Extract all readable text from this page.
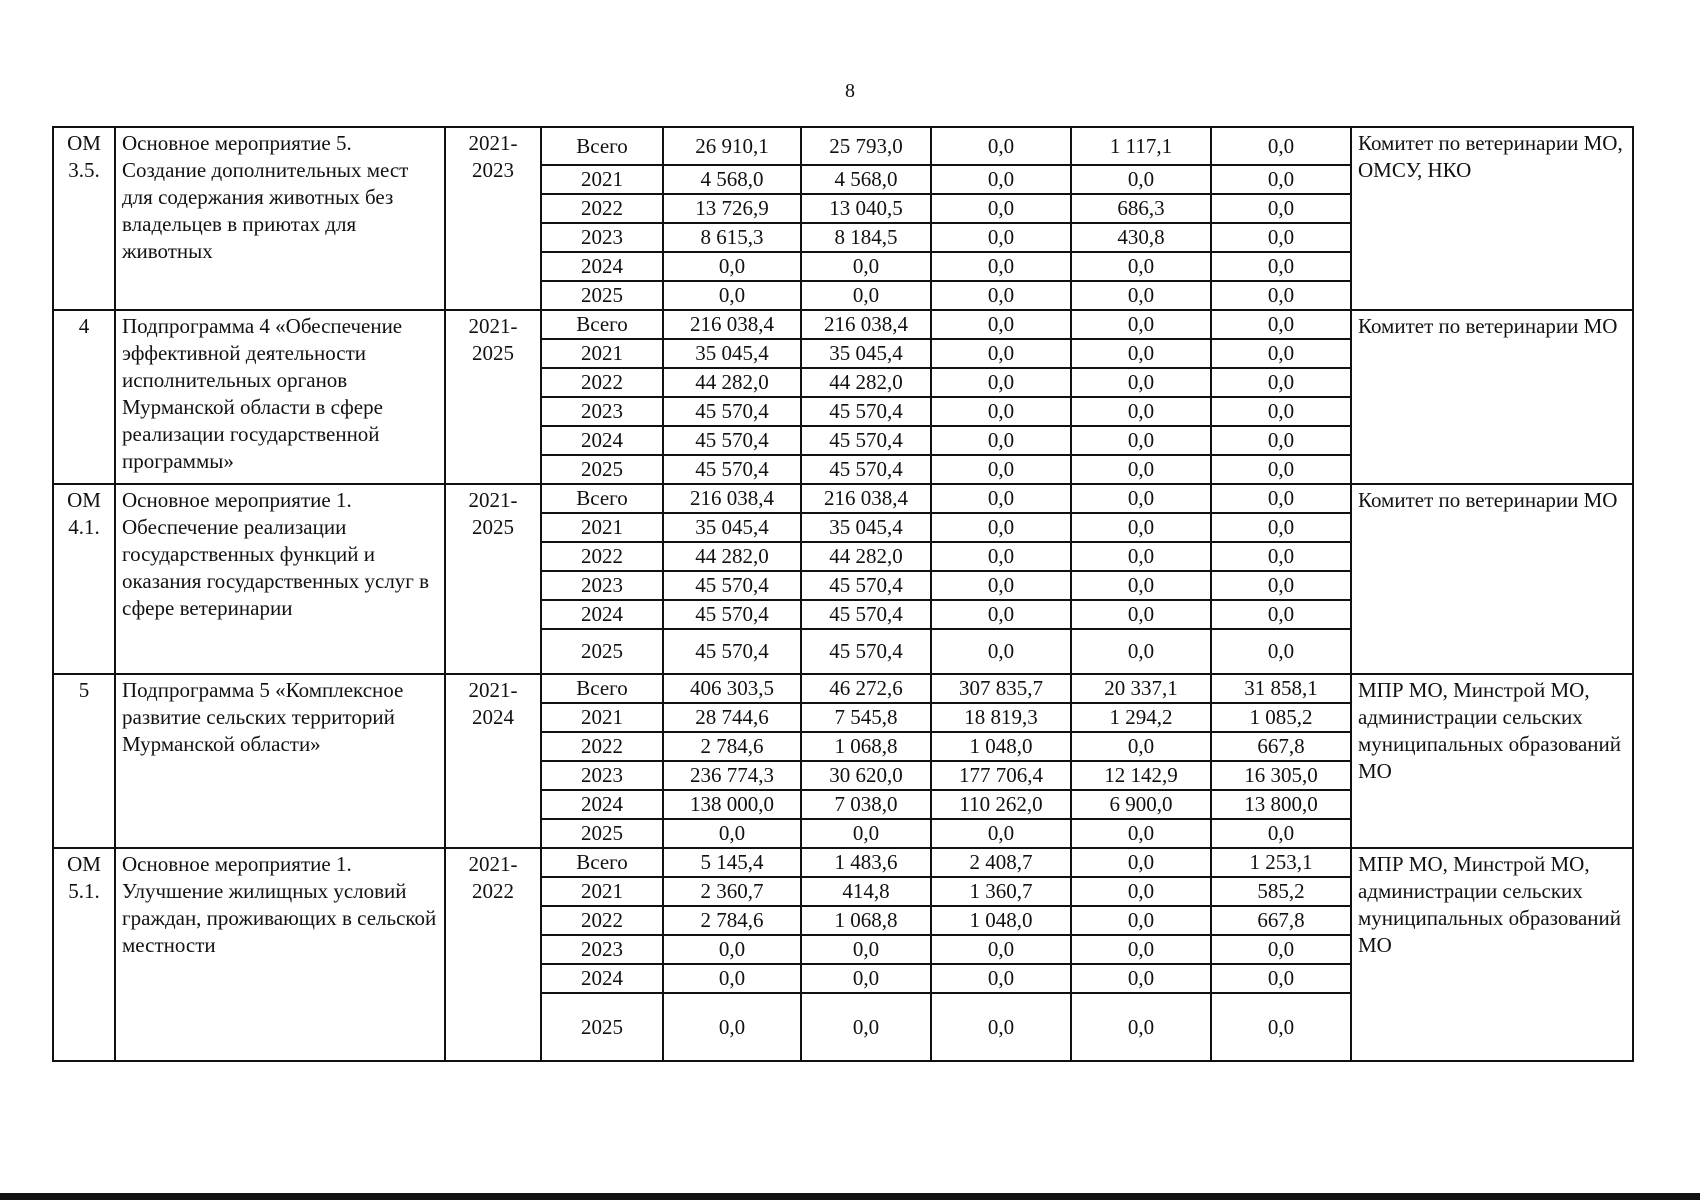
8
ОМ 3.5.	Основное мероприятие 5. Создание дополнительных мест для содержания животных без владельцев в приютах для животных	2021-2023	Всего	26 910,1	25 793,0	0,0	1 117,1	0,0	Комитет по ветеринарии МО, ОМСУ, НКО
			2021	4 568,0	4 568,0	0,0	0,0	0,0	
			2022	13 726,9	13 040,5	0,0	686,3	0,0	
			2023	8 615,3	8 184,5	0,0	430,8	0,0	
			2024	0,0	0,0	0,0	0,0	0,0	
			2025	0,0	0,0	0,0	0,0	0,0	
4	Подпрограмма 4 «Обеспечение эффективной деятельности исполнительных органов Мурманской области в сфере реализации государственной программы»	2021-2025	Всего	216 038,4	216 038,4	0,0	0,0	0,0	Комитет по ветеринарии МО
			2021	35 045,4	35 045,4	0,0	0,0	0,0	
			2022	44 282,0	44 282,0	0,0	0,0	0,0	
			2023	45 570,4	45 570,4	0,0	0,0	0,0	
			2024	45 570,4	45 570,4	0,0	0,0	0,0	
			2025	45 570,4	45 570,4	0,0	0,0	0,0	
ОМ 4.1.	Основное мероприятие 1. Обеспечение реализации государственных функций и оказания государственных услуг в сфере ветеринарии	2021-2025	Всего	216 038,4	216 038,4	0,0	0,0	0,0	Комитет по ветеринарии МО
			2021	35 045,4	35 045,4	0,0	0,0	0,0	
			2022	44 282,0	44 282,0	0,0	0,0	0,0	
			2023	45 570,4	45 570,4	0,0	0,0	0,0	
			2024	45 570,4	45 570,4	0,0	0,0	0,0	
			2025	45 570,4	45 570,4	0,0	0,0	0,0	
5	Подпрограмма 5 «Комплексное развитие сельских территорий Мурманской области»	2021-2024	Всего	406 303,5	46 272,6	307 835,7	20 337,1	31 858,1	МПР МО, Минстрой МО, администрации сельских муниципальных образований МО
			2021	28 744,6	7 545,8	18 819,3	1 294,2	1 085,2	
			2022	2 784,6	1 068,8	1 048,0	0,0	667,8	
			2023	236 774,3	30 620,0	177 706,4	12 142,9	16 305,0	
			2024	138 000,0	7 038,0	110 262,0	6 900,0	13 800,0	
			2025	0,0	0,0	0,0	0,0	0,0	
ОМ 5.1.	Основное мероприятие 1. Улучшение жилищных условий граждан, проживающих в сельской местности	2021-2022	Всего	5 145,4	1 483,6	2 408,7	0,0	1 253,1	МПР МО, Минстрой МО, администрации сельских муниципальных образований МО
			2021	2 360,7	414,8	1 360,7	0,0	585,2	
			2022	2 784,6	1 068,8	1 048,0	0,0	667,8	
			2023	0,0	0,0	0,0	0,0	0,0	
			2024	0,0	0,0	0,0	0,0	0,0	
			2025	0,0	0,0	0,0	0,0	0,0	
